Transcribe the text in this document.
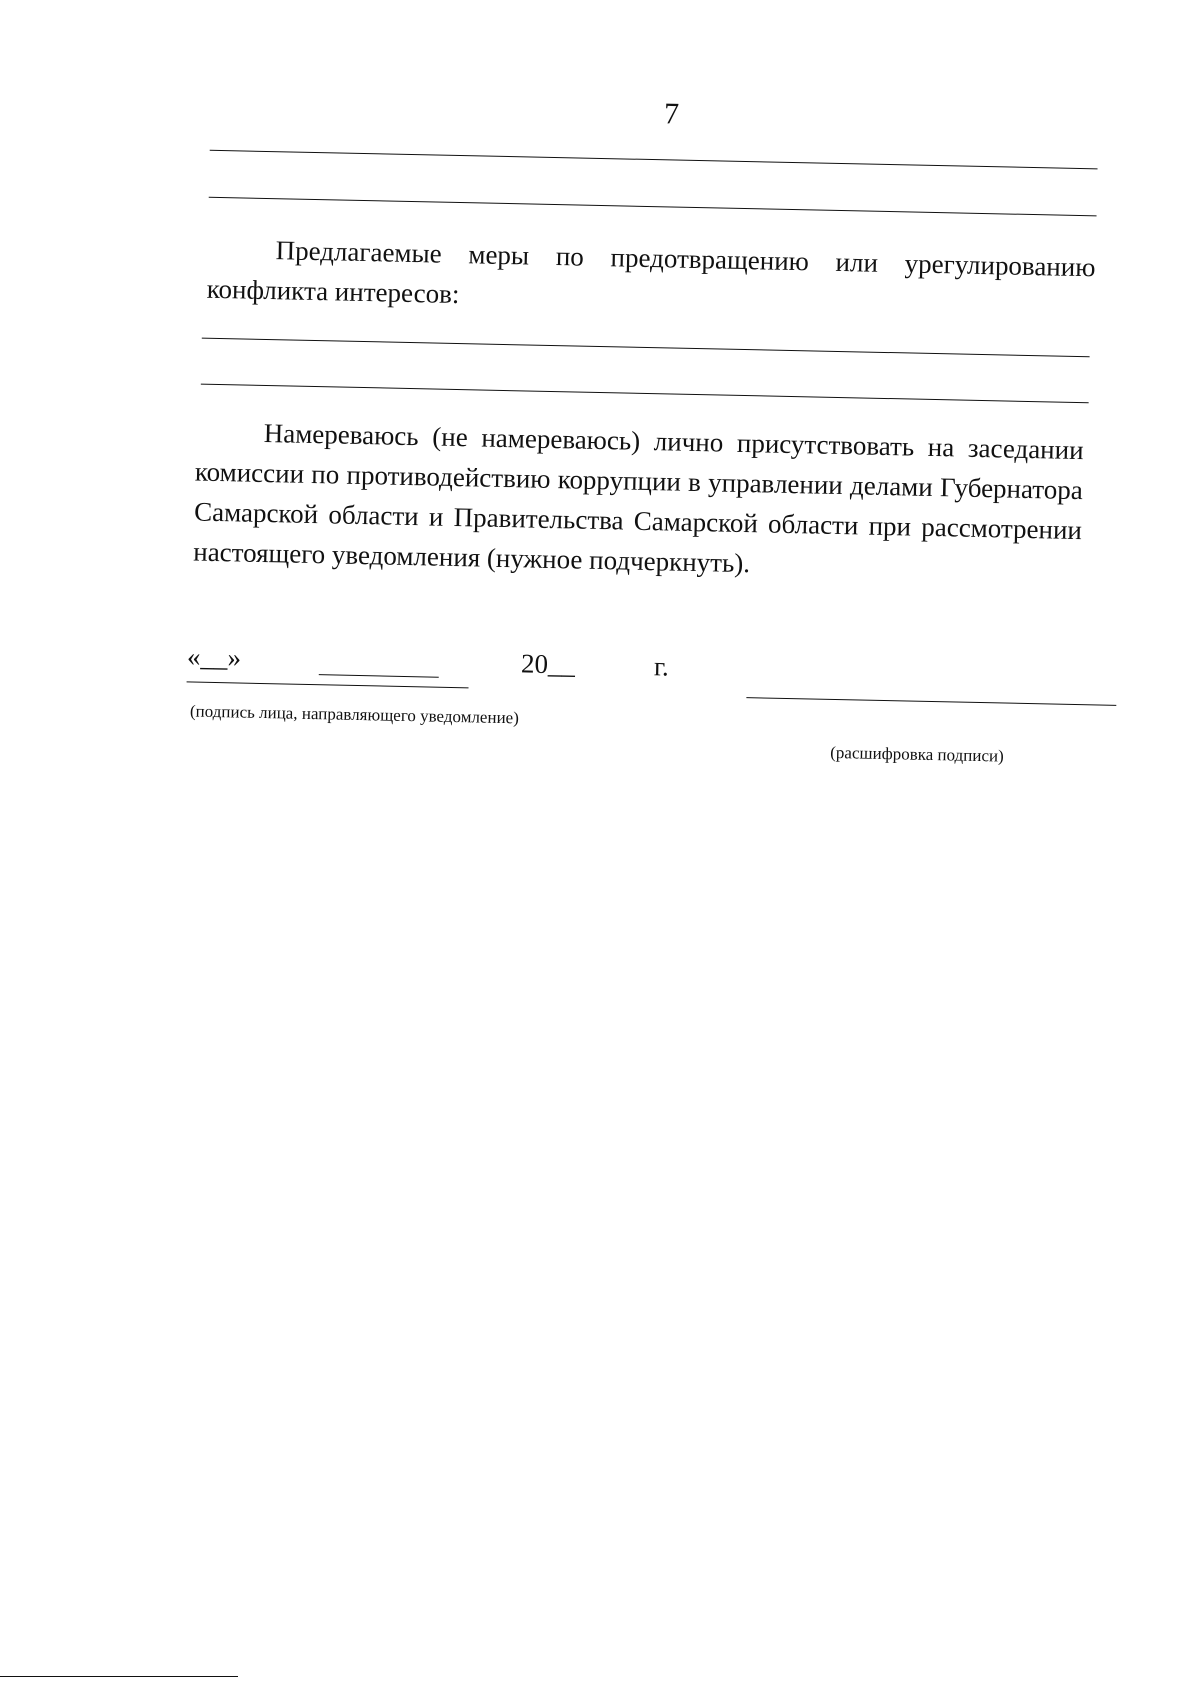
7
Предлагаемые меры по предотвращению или урегулированию
конфликта интересов:
Намереваюсь (не намереваюсь) лично присутствовать на заседании
комиссии по противодействию коррупции в управлении делами Губернатора
Самарской области и Правительства Самарской области при рассмотрении
настоящего уведомления (нужное подчеркнуть).
«__»	20__	г.
(подпись лица, направляющего уведомление)
(расшифровка подписи)
